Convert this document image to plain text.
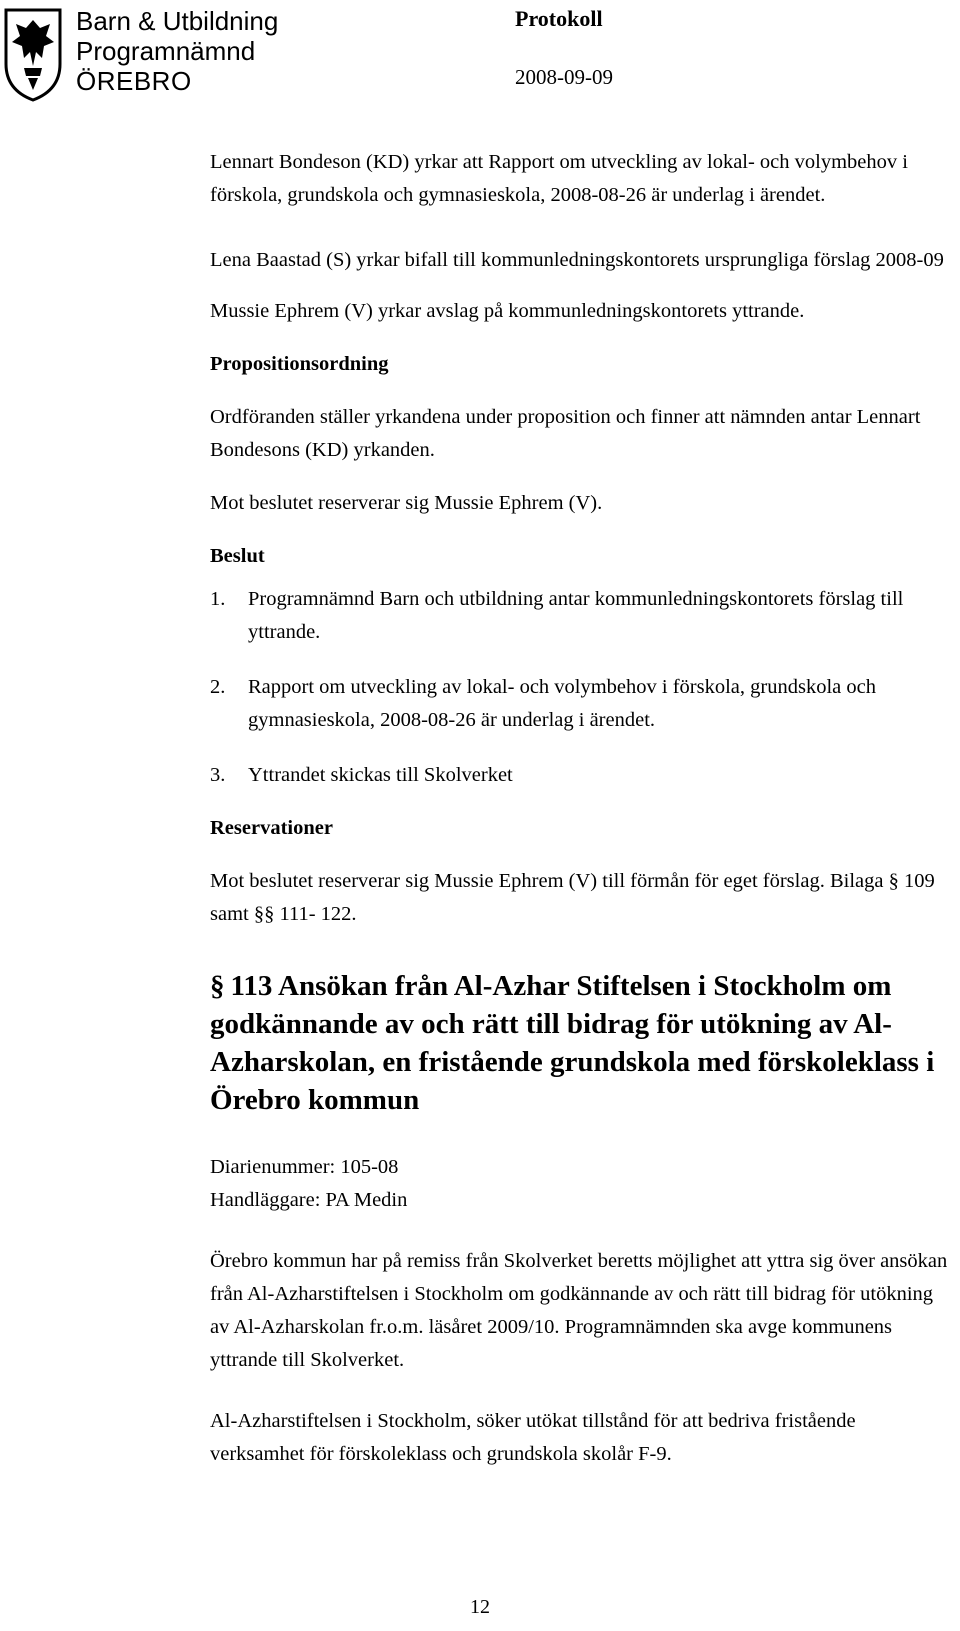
Barn & Utbildning
Programnämnd
ÖREBRO
Protokoll
2008-09-09

Lennart Bondeson (KD) yrkar att Rapport om utveckling av lokal- och volymbehov i förskola, grundskola och gymnasieskola, 2008-08-26 är underlag i ärendet.

Lena Baastad (S) yrkar bifall till kommunledningskontorets ursprungliga förslag 2008-09

Mussie Ephrem (V) yrkar avslag på kommunledningskontorets yttrande.

Propositionsordning

Ordföranden ställer yrkandena under proposition och finner att nämnden antar Lennart Bondesons (KD) yrkanden.

Mot beslutet reserverar sig Mussie Ephrem (V).

Beslut

1. Programnämnd Barn och utbildning antar kommunledningskontorets förslag till yttrande.
2. Rapport om utveckling av lokal- och volymbehov i förskola, grundskola och gymnasieskola, 2008-08-26 är underlag i ärendet.
3. Yttrandet skickas till Skolverket

Reservationer

Mot beslutet reserverar sig Mussie Ephrem (V) till förmån för eget förslag. Bilaga § 109 samt §§ 111- 122.

§ 113 Ansökan från Al-Azhar Stiftelsen i Stockholm om godkännande av och rätt till bidrag för utökning av Al-Azharskolan, en fristående grundskola med förskoleklass i Örebro kommun

Diarienummer: 105-08

Handläggare: PA Medin

Örebro kommun har på remiss från Skolverket beretts möjlighet att yttra sig över ansökan från Al-Azharstiftelsen i Stockholm om godkännande av och rätt till bidrag för utökning av Al-Azharskolan fr.o.m. läsåret 2009/10. Programnämnden ska avge kommunens yttrande till Skolverket.

Al-Azharstiftelsen i Stockholm, söker utökat tillstånd för att bedriva fristående verksamhet för förskoleklass och grundskola skolår F-9.

12
